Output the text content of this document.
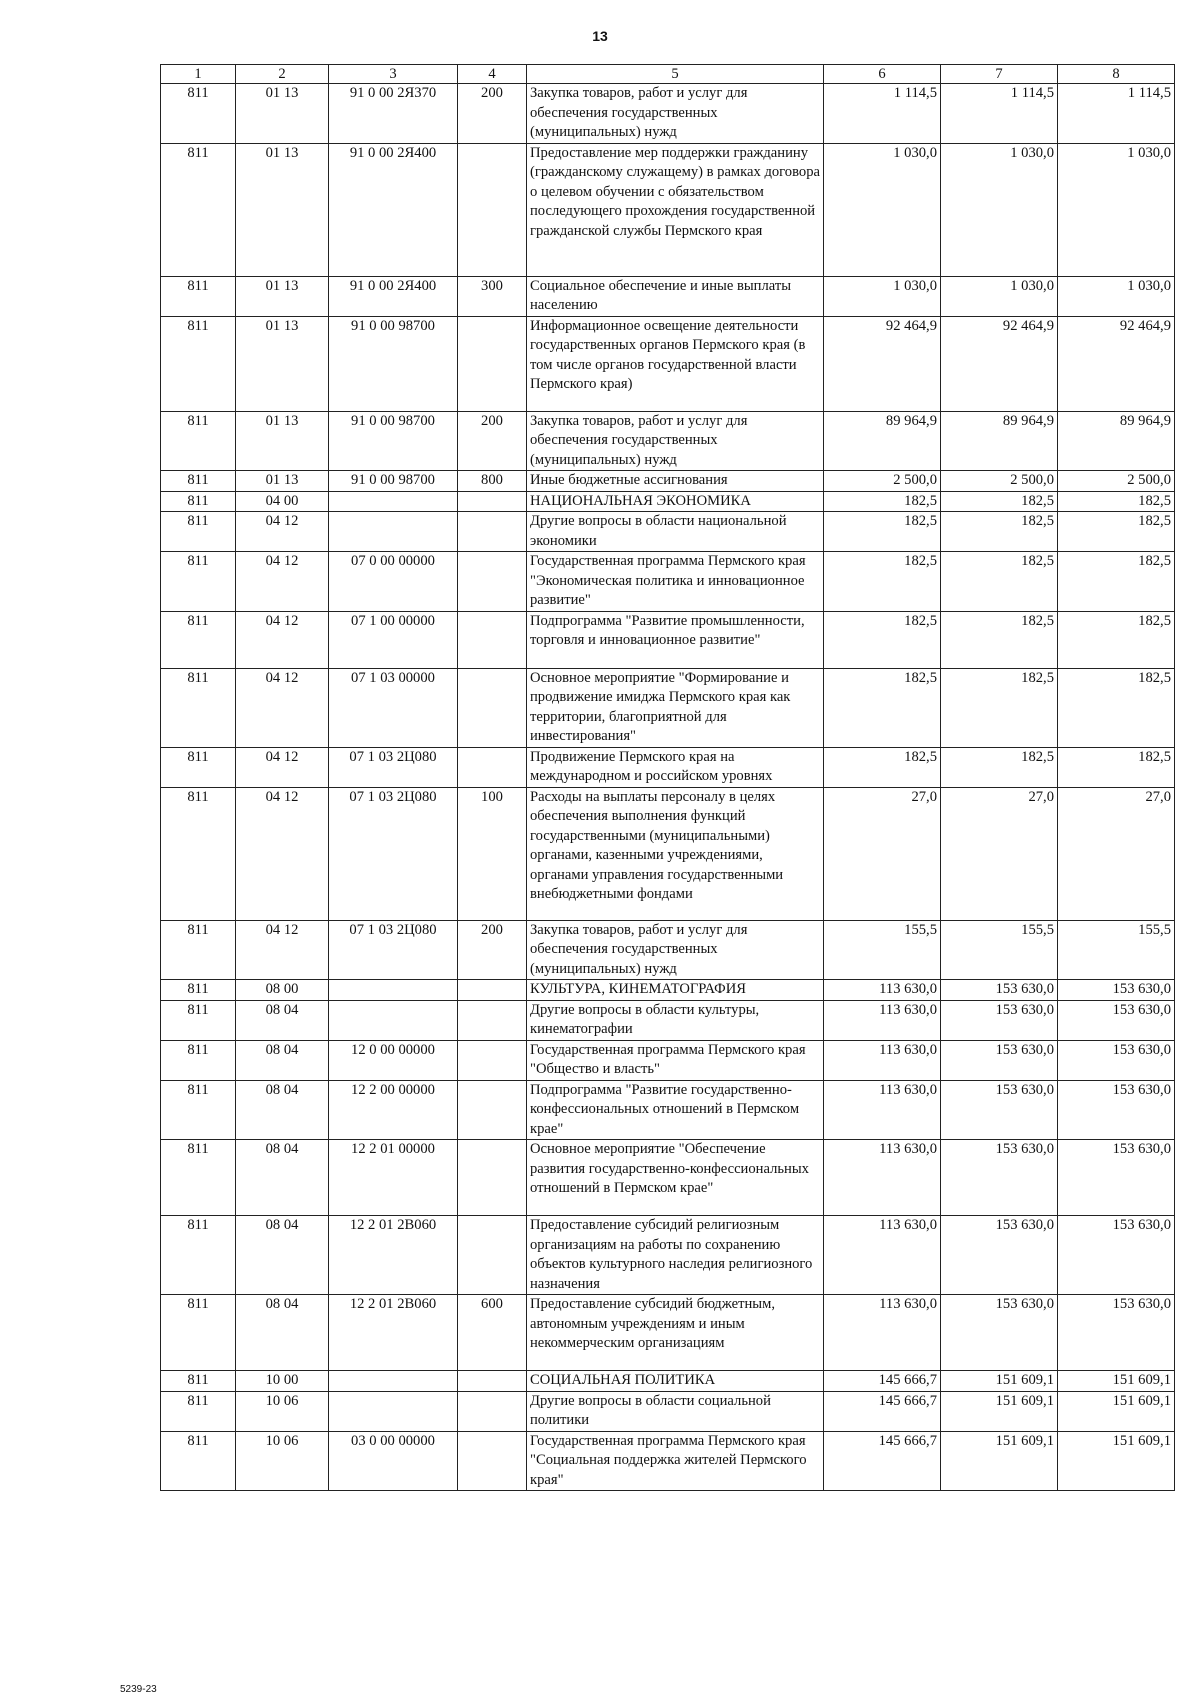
13
1	2	3	4	5	6	7	8
811	01 13	91 0 00 2Я370	200	Закупка товаров, работ и услуг для обеспечения государственных (муниципальных) нужд	1 114,5	1 114,5	1 114,5
811	01 13	91 0 00 2Я400		Предоставление мер поддержки гражданину (гражданскому служащему) в рамках договора о целевом обучении с обязательством последующего прохождения государственной гражданской службы Пермского края	1 030,0	1 030,0	1 030,0
811	01 13	91 0 00 2Я400	300	Социальное обеспечение и иные выплаты населению	1 030,0	1 030,0	1 030,0
811	01 13	91 0 00 98700		Информационное освещение деятельности государственных органов Пермского края (в том числе органов государственной власти Пермского края)	92 464,9	92 464,9	92 464,9
811	01 13	91 0 00 98700	200	Закупка товаров, работ и услуг для обеспечения государственных (муниципальных) нужд	89 964,9	89 964,9	89 964,9
811	01 13	91 0 00 98700	800	Иные бюджетные ассигнования	2 500,0	2 500,0	2 500,0
811	04 00			НАЦИОНАЛЬНАЯ ЭКОНОМИКА	182,5	182,5	182,5
811	04 12			Другие вопросы в области национальной экономики	182,5	182,5	182,5
811	04 12	07 0 00 00000		Государственная программа Пермского края "Экономическая политика и инновационное развитие"	182,5	182,5	182,5
811	04 12	07 1 00 00000		Подпрограмма "Развитие промышленности, торговля и инновационное развитие"	182,5	182,5	182,5
811	04 12	07 1 03 00000		Основное мероприятие "Формирование и продвижение имиджа Пермского края как территории, благоприятной для инвестирования"	182,5	182,5	182,5
811	04 12	07 1 03 2Ц080		Продвижение Пермского края на международном и российском уровнях	182,5	182,5	182,5
811	04 12	07 1 03 2Ц080	100	Расходы на выплаты персоналу в целях обеспечения выполнения функций государственными (муниципальными) органами, казенными учреждениями, органами управления государственными внебюджетными фондами	27,0	27,0	27,0
811	04 12	07 1 03 2Ц080	200	Закупка товаров, работ и услуг для обеспечения государственных (муниципальных) нужд	155,5	155,5	155,5
811	08 00			КУЛЬТУРА, КИНЕМАТОГРАФИЯ	113 630,0	153 630,0	153 630,0
811	08 04			Другие вопросы в области культуры, кинематографии	113 630,0	153 630,0	153 630,0
811	08 04	12 0 00 00000		Государственная программа Пермского края "Общество и власть"	113 630,0	153 630,0	153 630,0
811	08 04	12 2 00 00000		Подпрограмма "Развитие государственно-конфессиональных отношений в Пермском крае"	113 630,0	153 630,0	153 630,0
811	08 04	12 2 01 00000		Основное мероприятие "Обеспечение развития государственно-конфессиональных отношений в Пермском крае"	113 630,0	153 630,0	153 630,0
811	08 04	12 2 01 2В060		Предоставление субсидий религиозным организациям на работы по сохранению объектов культурного наследия религиозного назначения	113 630,0	153 630,0	153 630,0
811	08 04	12 2 01 2В060	600	Предоставление субсидий бюджетным, автономным учреждениям и иным некоммерческим организациям	113 630,0	153 630,0	153 630,0
811	10 00			СОЦИАЛЬНАЯ ПОЛИТИКА	145 666,7	151 609,1	151 609,1
811	10 06			Другие вопросы в области социальной политики	145 666,7	151 609,1	151 609,1
811	10 06	03 0 00 00000		Государственная программа Пермского края "Социальная поддержка жителей Пермского края"	145 666,7	151 609,1	151 609,1
5239-23
